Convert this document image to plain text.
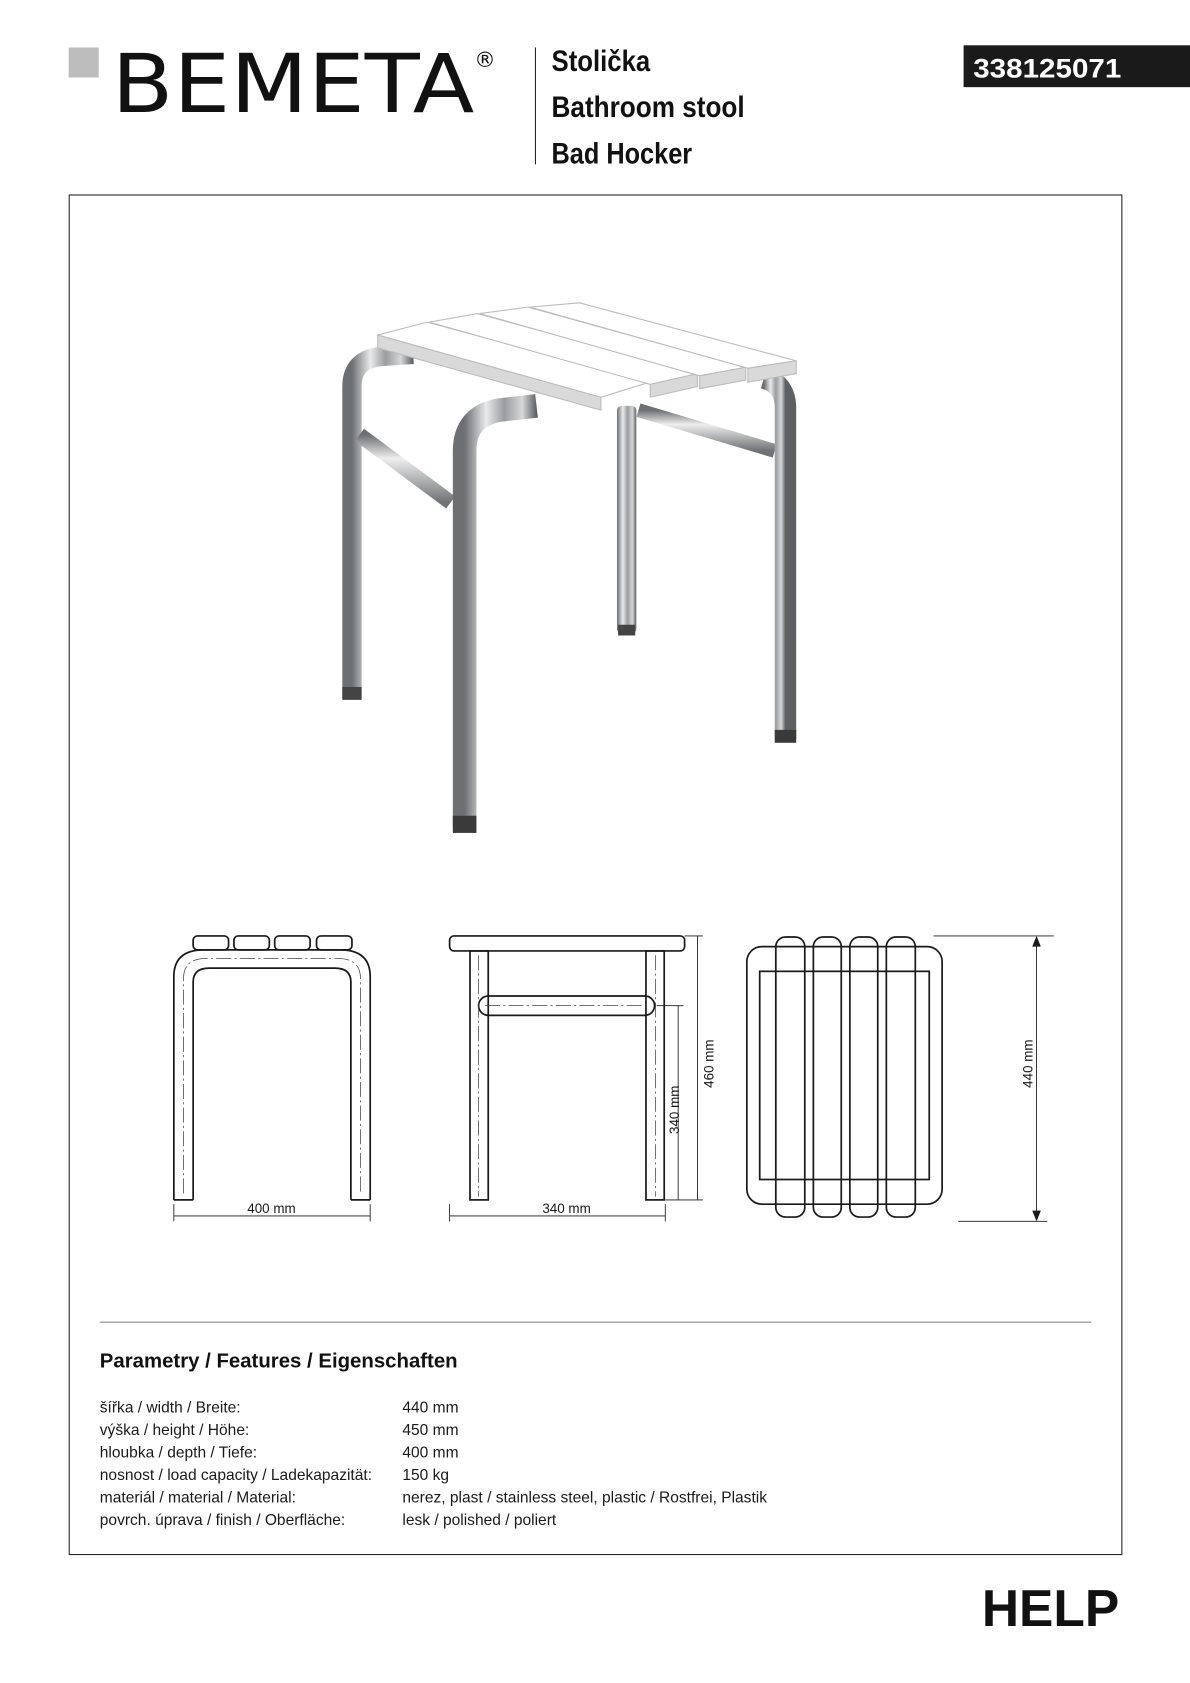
BEMETA ® Stolička
Bathroom stool
Bad Hocker
338125071
400 mm	340 mm
340 mm
460 mm	440 mm
Parametry / Features / Eigenschaften
šířka / width / Breite:	440 mm
výška / height / Höhe:	450 mm
hloubka / depth / Tiefe:	400 mm
nosnost / load capacity / Ladekapazität: 150 kg
materiál / material / Material:	nerez, plast / stainless steel, plastic / Rostfrei, Plastik
povrch. úprava / finish / Oberfläche:	lesk / polished / poliert
HELP
